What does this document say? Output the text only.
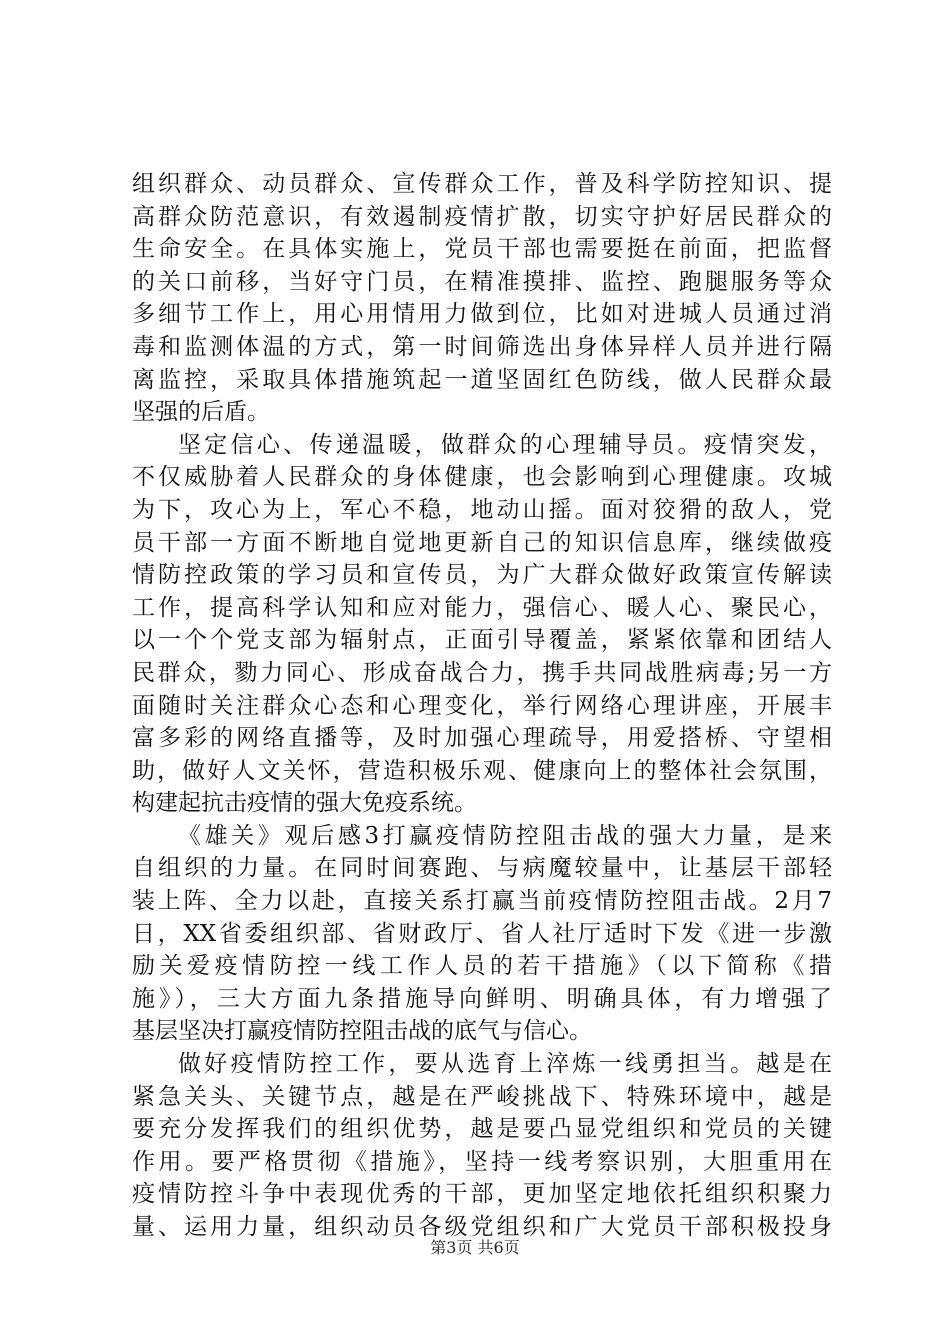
组织群众、动员群众、宣传群众工作，普及科学防控知识、提
高群众防范意识，有效遏制疫情扩散，切实守护好居民群众的
生命安全。在具体实施上，党员干部也需要挺在前面，把监督
的关口前移，当好守门员，在精准摸排、监控、跑腿服务等众
多细节工作上，用心用情用力做到位，比如对进城人员通过消
毒和监测体温的方式，第一时间筛选出身体异样人员并进行隔
离监控，采取具体措施筑起一道坚固红色防线，做人民群众最
坚强的后盾。
坚定信心、传递温暖，做群众的心理辅导员。疫情突发，
不仅威胁着人民群众的身体健康，也会影响到心理健康。攻城
为下，攻心为上，军心不稳，地动山摇。面对狡猾的敌人，党
员干部一方面不断地自觉地更新自己的知识信息库，继续做疫
情防控政策的学习员和宣传员，为广大群众做好政策宣传解读
工作，提高科学认知和应对能力，强信心、暖人心、聚民心，
以一个个党支部为辐射点，正面引导覆盖，紧紧依靠和团结人
民群众，勠力同心、形成奋战合力，携手共同战胜病毒;另一方
面随时关注群众心态和心理变化，举行网络心理讲座，开展丰
富多彩的网络直播等，及时加强心理疏导，用爱搭桥、守望相
助，做好人文关怀，营造积极乐观、健康向上的整体社会氛围，
构建起抗击疫情的强大免疫系统。
《雄关》观后感3打赢疫情防控阻击战的强大力量，是来
自组织的力量。在同时间赛跑、与病魔较量中，让基层干部轻
装上阵、全力以赴，直接关系打赢当前疫情防控阻击战。2月7
日，XX省委组织部、省财政厅、省人社厅适时下发《进一步激
励关爱疫情防控一线工作人员的若干措施》（以下简称《措
施》），三大方面九条措施导向鲜明、明确具体，有力增强了
基层坚决打赢疫情防控阻击战的底气与信心。
做好疫情防控工作，要从选育上淬炼一线勇担当。越是在
紧急关头、关键节点，越是在严峻挑战下、特殊环境中，越是
要充分发挥我们的组织优势，越是要凸显党组织和党员的关键
作用。要严格贯彻《措施》，坚持一线考察识别，大胆重用在
疫情防控斗争中表现优秀的干部，更加坚定地依托组织积聚力
量、运用力量，组织动员各级党组织和广大党员干部积极投身
第3页 共6页
